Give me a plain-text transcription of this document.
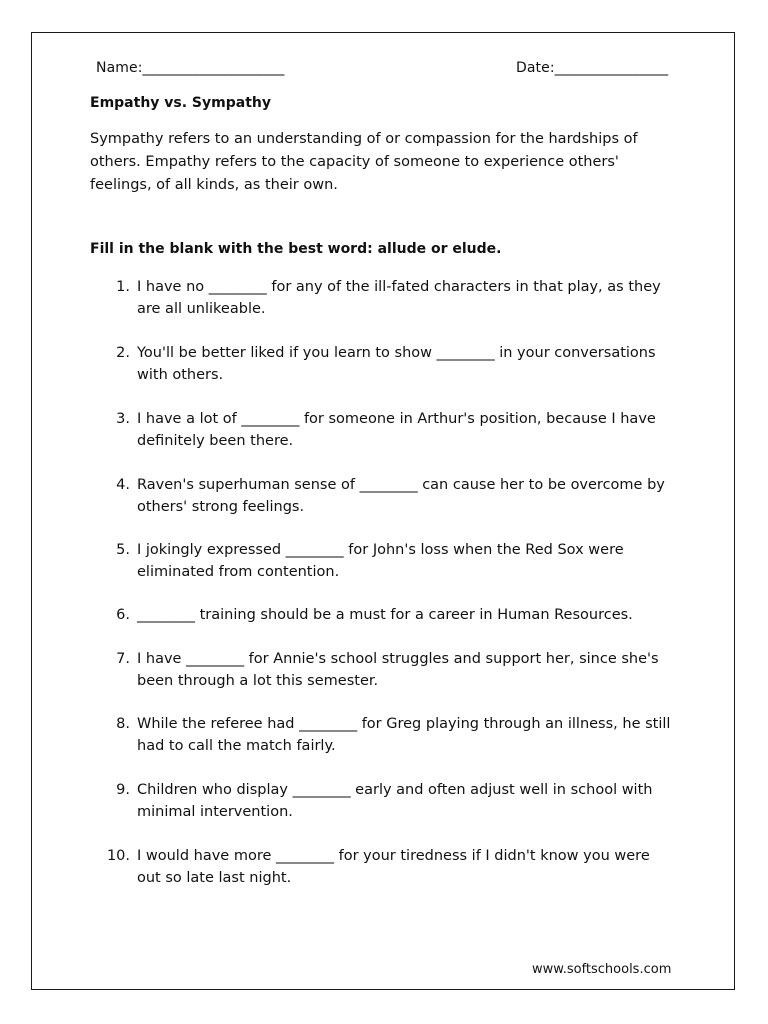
Name:____________________	Date:________________
Empathy vs. Sympathy
Sympathy refers to an understanding of or compassion for the hardships of
others. Empathy refers to the capacity of someone to experience others'
feelings, of all kinds, as their own.
Fill in the blank with the best word: allude or elude.
1. I have no ________ for any of the ill-fated characters in that play, as they
are all unlikeable.
2. You'll be better liked if you learn to show ________ in your conversations
with others.
3. I have a lot of ________ for someone in Arthur's position, because I have
definitely been there.
4. Raven's superhuman sense of ________ can cause her to be overcome by
others' strong feelings.
5. I jokingly expressed ________ for John's loss when the Red Sox were
eliminated from contention.
6. ________ training should be a must for a career in Human Resources.
7. I have ________ for Annie's school struggles and support her, since she's
been through a lot this semester.
8. While the referee had ________ for Greg playing through an illness, he still
had to call the match fairly.
9. Children who display ________ early and often adjust well in school with
minimal intervention.
10. I would have more ________ for your tiredness if I didn't know you were
out so late last night.
www.softschools.com
